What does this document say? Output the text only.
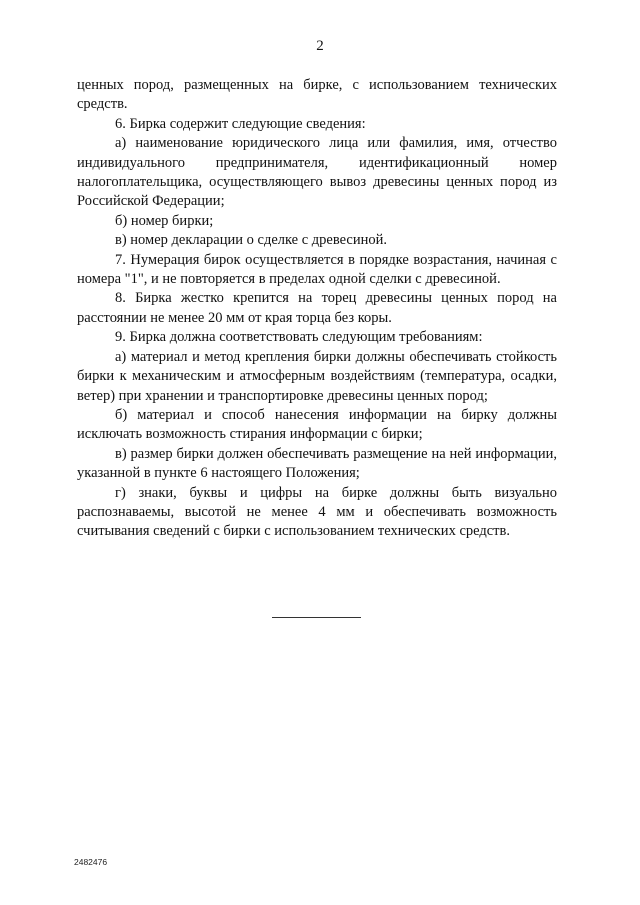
2

ценных пород, размещенных на бирке, с использованием технических средств.

6. Бирка содержит следующие сведения:

а) наименование юридического лица или фамилия, имя, отчество индивидуального предпринимателя, идентификационный номер налогоплательщика, осуществляющего вывоз древесины ценных пород из Российской Федерации;

б) номер бирки;

в) номер декларации о сделке с древесиной.

7. Нумерация бирок осуществляется в порядке возрастания, начиная с номера "1", и не повторяется в пределах одной сделки с древесиной.

8. Бирка жестко крепится на торец древесины ценных пород на расстоянии не менее 20 мм от края торца без коры.

9. Бирка должна соответствовать следующим требованиям:

а) материал и метод крепления бирки должны обеспечивать стойкость бирки к механическим и атмосферным воздействиям (температура, осадки, ветер) при хранении и транспортировке древесины ценных пород;

б) материал и способ нанесения информации на бирку должны исключать возможность стирания информации с бирки;

в) размер бирки должен обеспечивать размещение на ней информации, указанной в пункте 6 настоящего Положения;

г) знаки, буквы и цифры на бирке должны быть визуально распознаваемы, высотой не менее 4 мм и обеспечивать возможность считывания сведений с бирки с использованием технических средств.

2482476
